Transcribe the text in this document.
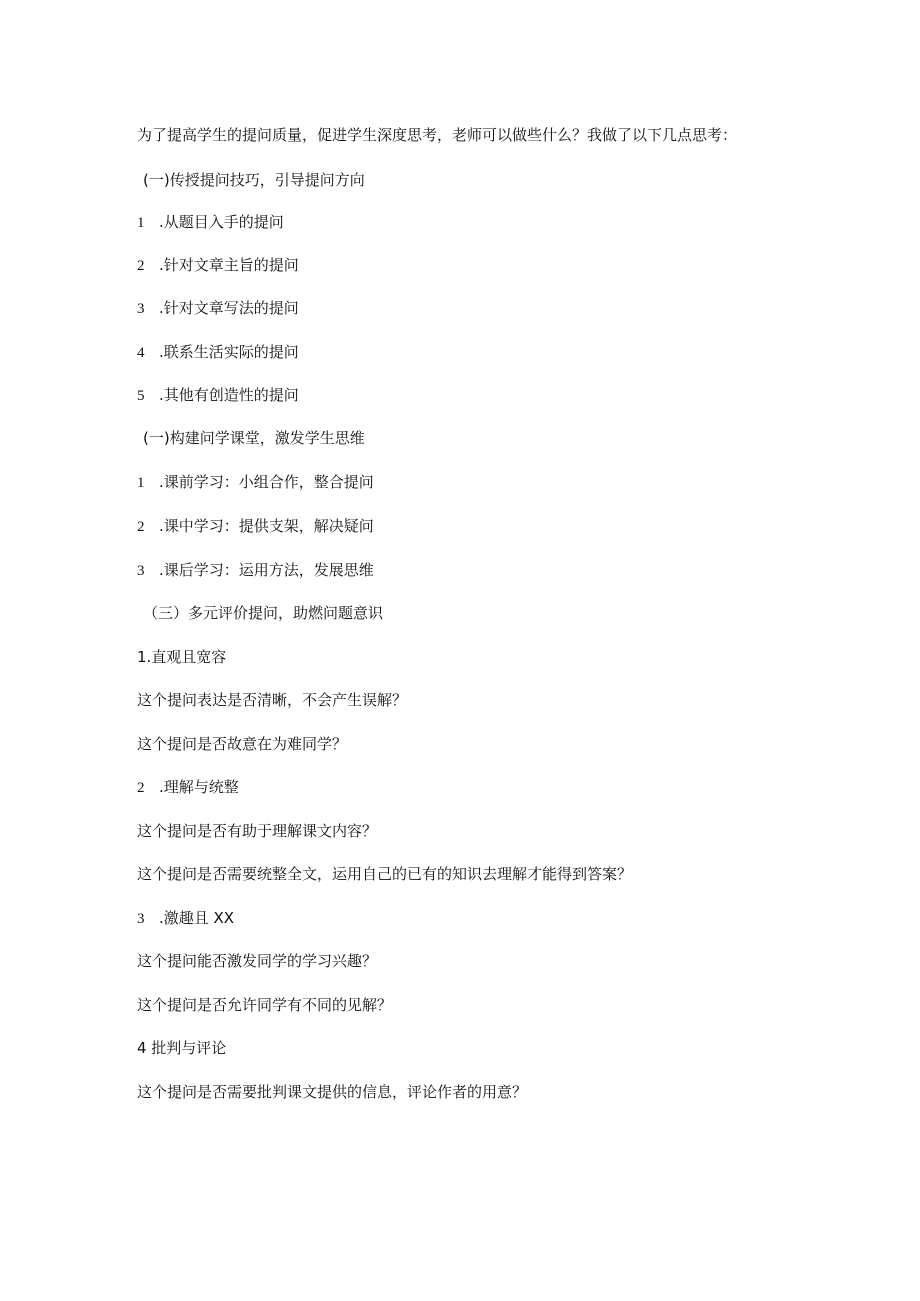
为了提高学生的提问质量，促进学生深度思考，老师可以做些什么？我做了以下几点思考：
(一)传授提问技巧，引导提问方向
1 .从题目入手的提问
2 .针对文章主旨的提问
3 .针对文章写法的提问
4 .联系生活实际的提问
5 .其他有创造性的提问
(一)构建问学课堂，激发学生思维
1 .课前学习：小组合作，整合提问
2 .课中学习：提供支架，解决疑问
3 .课后学习：运用方法，发展思维
（三）多元评价提问，助燃问题意识
1.直观且宽容
这个提问表达是否清晰，不会产生误解？
这个提问是否故意在为难同学？
2 .理解与统整
这个提问是否有助于理解课文内容？
这个提问是否需要统整全文，运用自己的已有的知识去理解才能得到答案？
3 .激趣且 XX
这个提问能否激发同学的学习兴趣？
这个提问是否允许同学有不同的见解？
4 批判与评论
这个提问是否需要批判课文提供的信息，评论作者的用意？
